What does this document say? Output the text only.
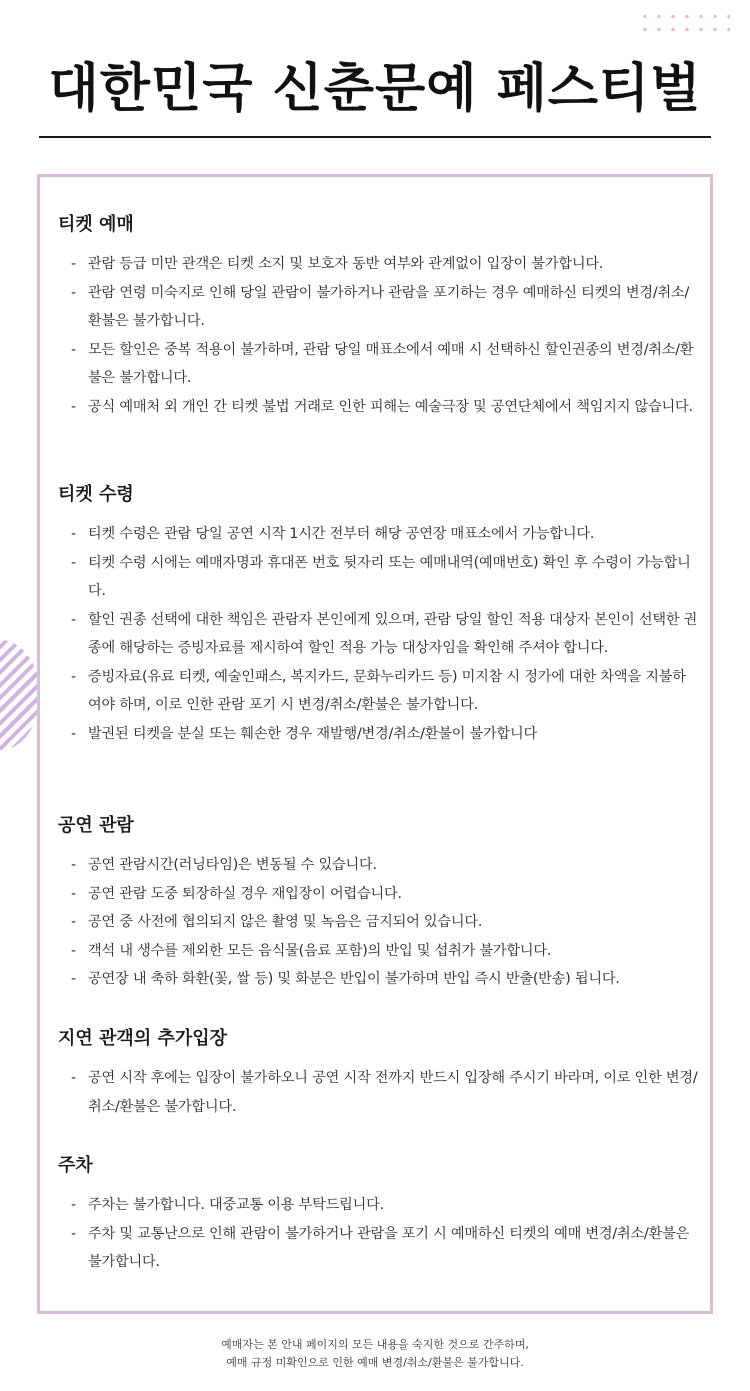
대한민국 신춘문예 페스티벌
티켓 예매
- 관람 등급 미만 관객은 티켓 소지 및 보호자 동반 여부와 관계없이 입장이 불가합니다.
- 관람 연령 미숙지로 인해 당일 관람이 불가하거나 관람을 포기하는 경우 예매하신 티켓의 변경/취소/환불은 불가합니다.
- 모든 할인은 중복 적용이 불가하며, 관람 당일 매표소에서 예매 시 선택하신 할인권종의 변경/취소/환불은 불가합니다.
- 공식 예매처 외 개인 간 티켓 불법 거래로 인한 피해는 예술극장 및 공연단체에서 책임지지 않습니다.
티켓 수령
- 티켓 수령은 관람 당일 공연 시작 1시간 전부터 해당 공연장 매표소에서 가능합니다.
- 티켓 수령 시에는 예매자명과 휴대폰 번호 뒷자리 또는 예매내역(예매번호) 확인 후 수령이 가능합니다.
- 할인 권종 선택에 대한 책임은 관람자 본인에게 있으며, 관람 당일 할인 적용 대상자 본인이 선택한 권종에 해당하는 증빙자료를 제시하여 할인 적용 가능 대상자임을 확인해 주셔야 합니다.
- 증빙자료(유료 티켓, 예술인패스, 복지카드, 문화누리카드 등) 미지참 시 정가에 대한 차액을 지불하여야 하며, 이로 인한 관람 포기 시 변경/취소/환불은 불가합니다.
- 발권된 티켓을 분실 또는 훼손한 경우 재발행/변경/취소/환불이 불가합니다
공연 관람
- 공연 관람시간(러닝타임)은 변동될 수 있습니다.
- 공연 관람 도중 퇴장하실 경우 재입장이 어렵습니다.
- 공연 중 사전에 협의되지 않은 촬영 및 녹음은 금지되어 있습니다.
- 객석 내 생수를 제외한 모든 음식물(음료 포함)의 반입 및 섭취가 불가합니다.
- 공연장 내 축하 화환(꽃, 쌀 등) 및 화분은 반입이 불가하며 반입 즉시 반출(반송) 됩니다.
지연 관객의 추가입장
- 공연 시작 후에는 입장이 불가하오니 공연 시작 전까지 반드시 입장해 주시기 바라며, 이로 인한 변경/취소/환불은 불가합니다.
주차
- 주차는 불가합니다. 대중교통 이용 부탁드립니다.
- 주차 및 교통난으로 인해 관람이 불가하거나 관람을 포기 시 예매하신 티켓의 예매 변경/취소/환불은 불가합니다.
예매자는 본 안내 페이지의 모든 내용을 숙지한 것으로 간주하며,
예매 규정 미확인으로 인한 예매 변경/취소/환불은 불가합니다.
